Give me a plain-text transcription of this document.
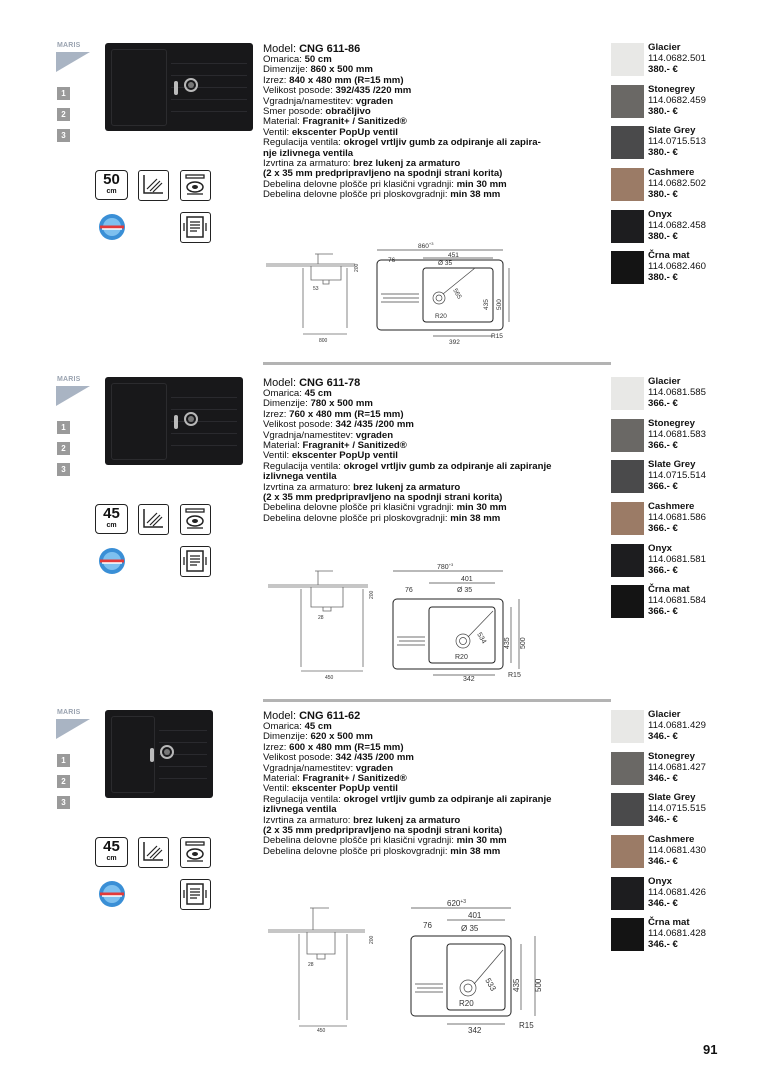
MARIS
1
2
3
50
cm
Model: CNG 611-86
Omarica: 50 cm
Dimenzije: 860 x 500 mm
Izrez: 840 x 480 mm (R=15 mm)
Velikost posode: 392/435 /220 mm
Vgradnja/namestitev: vgraden
Smer posode: obračljivo
Material: Fragranit+ / Sanitized®
Ventil: ekscenter PopUp ventil
Regulacija ventila: okrogel vrtljiv gumb za odpiranje ali zapira-
nje izlivnega ventila
Izvrtina za armaturo: brez lukenj za armaturo
(2 x 35 mm predpripravljeno na spodnji strani korita)
Debelina delovne plošče pri klasični vgradnji: min 30 mm
Debelina delovne plošče pri ploskovgradnji: min 38 mm
200
53
800
$860^{+3}$
451
Ø 35
76
565
R20
435 500
392
R15
Glacier
114.0682.501
380.- €
Stonegrey
114.0682.459
380.- €
Slate Grey
114.0715.513
380.- €
Cashmere
114.0682.502
380.- €
Onyx
114.0682.458
380.- €
Črna mat
114.0682.460
380.- €
MARIS
1
2
3
45
cm
Model: CNG 611-78
Omarica: 45 cm
Dimenzije: 780 x 500 mm
Izrez: 760 x 480 mm (R=15 mm)
Velikost posode: 342 /435 /200 mm
Vgradnja/namestitev: vgraden
Material: Fragranit+ / Sanitized®
Ventil: ekscenter PopUp ventil
Regulacija ventila: okrogel vrtljiv gumb za odpiranje ali zapiranje
izlivnega ventila
Izvrtina za armaturo: brez lukenj za armaturo
(2 x 35 mm predpripravljeno na spodnji strani korita)
Debelina delovne plošče pri klasični vgradnji: min 30 mm
Debelina delovne plošče pri ploskovgradnji: min 38 mm
200
28
450
$780^{+3}$
401
Ø 35
76
534
R20
435 500
342
R15
Glacier
114.0681.585
366.- €
Stonegrey
114.0681.583
366.- €
Slate Grey
114.0715.514
366.- €
Cashmere
114.0681.586
366.- €
Onyx
114.0681.581
366.- €
Črna mat
114.0681.584
366.- €
MARIS
1
2
3
45
cm
Model: CNG 611-62
Omarica: 45 cm
Dimenzije: 620 x 500 mm
Izrez: 600 x 480 mm (R=15 mm)
Velikost posode: 342 /435 /200 mm
Vgradnja/namestitev: vgraden
Material: Fragranit+ / Sanitized®
Ventil: ekscenter PopUp ventil
Regulacija ventila: okrogel vrtljiv gumb za odpiranje ali zapiranje
izlivnega ventila
Izvrtina za armaturo: brez lukenj za armaturo
(2 x 35 mm predpripravljeno na spodnji strani korita)
Debelina delovne plošče pri klasični vgradnji: min 30 mm
Debelina delovne plošče pri ploskovgradnji: min 38 mm
200
28
450
$620^{+3}$
401
Ø 35
76
533
R20
435 500
342
R15
Glacier
114.0681.429
346.- €
Stonegrey
114.0681.427
346.- €
Slate Grey
114.0715.515
346.- €
Cashmere
114.0681.430
346.- €
Onyx
114.0681.426
346.- €
Črna mat
114.0681.428
346.- €
91
